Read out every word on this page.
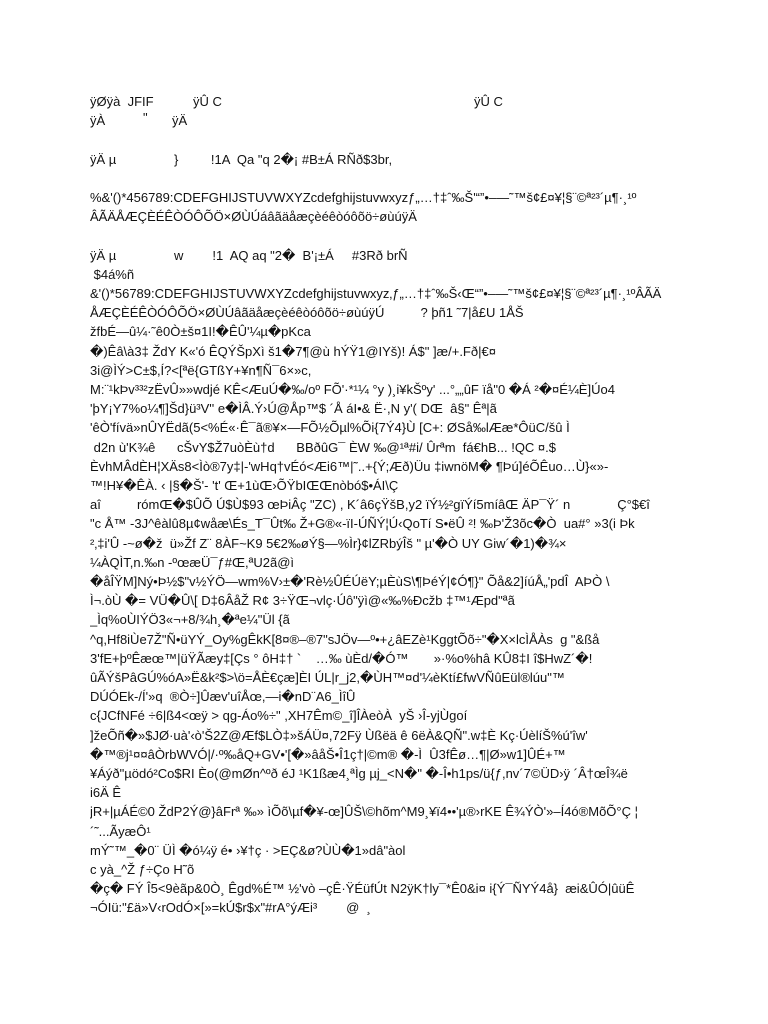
ÿØÿà  JFIF	ÿÛ C	ÿÛ C
ÿÀ	" ÿÄ
ÿÄ µ                }         !1A  Qa "q 2�¡ #B±Á RÑð$3br,
%&'()*456789:CDEFGHIJSTUVWXYZcdefghijstuvwxyzƒ„…†‡ˆ‰Š'“”•–—˜™š¢£¤¥¦§¨©ª²³´µ¶·¸¹º
ÂÃÄÅÆÇÈÉÊÒÓÔÕÖ×ØÙÚáâãäåæçèéêòóôõö÷øùúÿÄ
ÿÄ µ                w        !1  AQ aq "2�  B'¡±Á     #3Rð brÑ
$4á%ñ
&'()*56789:CDEFGHIJSTUVWXYZcdefghijstuvwxyz‚ƒ„…†‡ˆ‰Š‹Œ“”•–—˜™š¢£¤¥¦§¨©ª²³´µ¶·¸¹ºÂÃÄ
ÅÆÇÈÉÊÒÓÔÕÖ×ØÙÚâãäåæçèéêòóôõö÷øùúÿÚ          ? þñ1 ˜7|å£U 1ÅŠ
žfbÉ—û¼·˜ê0Ò±š¤1I!�ÊÛ'¼µ�pKca
�)Êâ\à3‡ ŽdY K«'ó ÊQÝŠpXì š1�7¶@ù hÝŸ1@IYš)! Á$" ]æ/+.Fð|€¤
3i@ÌÝ>C±$,Í?<[ªë{GTßY+¥n¶Ñ¯6×»c,
M:¨¹kÞv³³²zËvÛ»»wdjé KÊ<ÆuÚ�‰/oº FÕ'·*¹¼ °y )¸i¥kŠºy' ...°„„ûF ïå"0 �Á ²�¤É¼È]Úo4
'þY¡Y7%o¼¶]Šd}ü³V'' e�ÌÂ.Ý›Ú@Åp™$ ´Å áI•& Ë·,N y'( DŒ  â§" Êª|ã
'êÒ'fívä»nÛYËdã(5<%É«·Ê¯ã®¥×—FÕ½Õµl%Õi{7Ý4}Ù [C+: ØSå‰lÆæ*ÔüC/šû Ì
d2n ù'K¾ê      cŠvY$Ž7uòÈù†d      BBðûG¯ ÈW ‰@¹ª#i/ Ûrªm  fá€hB... !QC ¤.$
ÈvhMÂdÈH¦XÄs8<Ìò®7y‡|-'wHq†vÉó<Æi6™|˜..+{Ý;Æð)Üu ‡iwnöM� ¶Þú]éÕÊuo…Ù}«»-
™!H¥�ÊÀ. ‹ |§�Š'- 't' Œ+1ùŒ›ÕŸbIŒŒnòbó$•ÁI\Ç
aî          rómŒ�$ÛÕ Ú$Ù$93 œÞiÂç "ZC) , K´â6çŸšB,y2 ïÝ½²gïÝí5míâŒ ÄP¯Ÿ´ n             Ç°$€î
"c Å™ -3J^êàlû8µ¢wåæ\És_T¯Ût‰ Ž+G®«-ïI-ÚÑÝ¦Ú‹QoTí S•ëÛ ²! ‰Þ'Ž3õc�Ò  ua#° »3(i Þk
²‚‡i'Û -~ø�ž  ü»Žf Z¨ 8ÀF~K9 5€2‰øÝ§—%Ìr}¢lZRbýÎš " µ'�Ò UY Giw´�1)�¾×
¼ÀQÌT,n.‰n -ºœæÜ¯ƒ#Œ,ªU2ã@ì
�åÎŸM]Ný•Þ½$"v½ÝÖ—wm%V›±�'Rè½ÛÉÚëY;µÈùS\¶ÞéÝ|¢Ó¶}" Õå&2]íúÅ„'pdÎ  AÞÒ \
Ì¬.òÙ �= VÜ�Û\[ D‡6ÂåŽ R¢ 3÷ŸŒ¬vlç·Úô"ÿì@«‰%Ðcžb ‡™¹Æpd"ªã
_Ìq%oÙIÝÖ3«¬+8/¾h¸�ªe¼"Ül {ã
^q,Hf8iÙe7Ž"Ñ•üYÝ_Oy%gÊkK[8¤®–®7"sJÖv—º•+¿âEZè¹KggtÕõ÷"�X×lcÌÅÀs  g "&ßå
3'fE+þºÊæœ™|üŸÃæy‡[Çs ° ôH‡† `    …‰ ùÈd/�Ó™       »·%o%hâ KÛ8‡I î$HwZ´�!
ûÃÝšPâGÚ%óA»Ë&k²$>\ö=ÅÈ€çæ]ÈI ÚL|r_j2,�ÙH™¤d'¼èKtí£fwVÑûEül®lúu"™
DÚÓEk-/Í'»q  ®Ò÷]Ûæv'uîÅœ,—i�nD¨A6_ÌîÛ
c{JCfNFé ÷6|ß4<œÿ > qg-Áo%÷" ,XH7Êm©_î]ÎÀeòÀ  yŠ ›Î-yjÙgoí
]žeÕñ�»$JØ·uà'‹ò'Š2Z@Æf$LÒ‡»šÁÜ¤,72Fÿ Ùßëä ê 6ëÀ&QÑ".w‡È Kç·ÚèlíŠ%ú'îw'
�™®j¹¤¤âÒrbWVÓ|/·º‰åQ+GV•'[�»âåŠ•Î1ç†|©m® �-Ì  Û3fÊø…¶|Ø»w1]ÛÉ+™
¥Áýð"µödó²Co$RI Èo(@mØn^ºð éJ ¹K1ßæ4¸ªÌg µj_<N�" �-Î•h1ps/ü{ƒ,nv´7©ÜD›ÿ ´Â†œÎ¾ë
i6Ä Ê
jR+|µÁÉ©0 ŽdP2Ý@}âFrª ‰» ìÕõ\µf�¥-œ]ÛŠ\©hõm^M9¸¥ï4••'µ®›rKE Ê¾ÝÒ'»–Í4ó®MõÕ°Ç ¦
´˜...ÃyæÔ¹
mÝ˜™_�0¨ ÜÌ �ó¼ÿ é• ›¥†ç · >EÇ&ø?ÙÙ�1»dâ"àol
c yà_^Ž ƒ÷Ço H˜õ
�ç� FÝ Î5<9èãp&0Ò¸ Êgd%É™ ½'vò –çÊ·ŸÉüfÚt N2ÿK†ly¯*Ê0&i¤ i{Ý¯ÑYÝ4å}  æi&ÛÓ|ûüÊ
¬ÓIü:"£ä»V‹rOdÓ×[»=kÚ$r$x"#rA°ýÆi³        @  ¸
